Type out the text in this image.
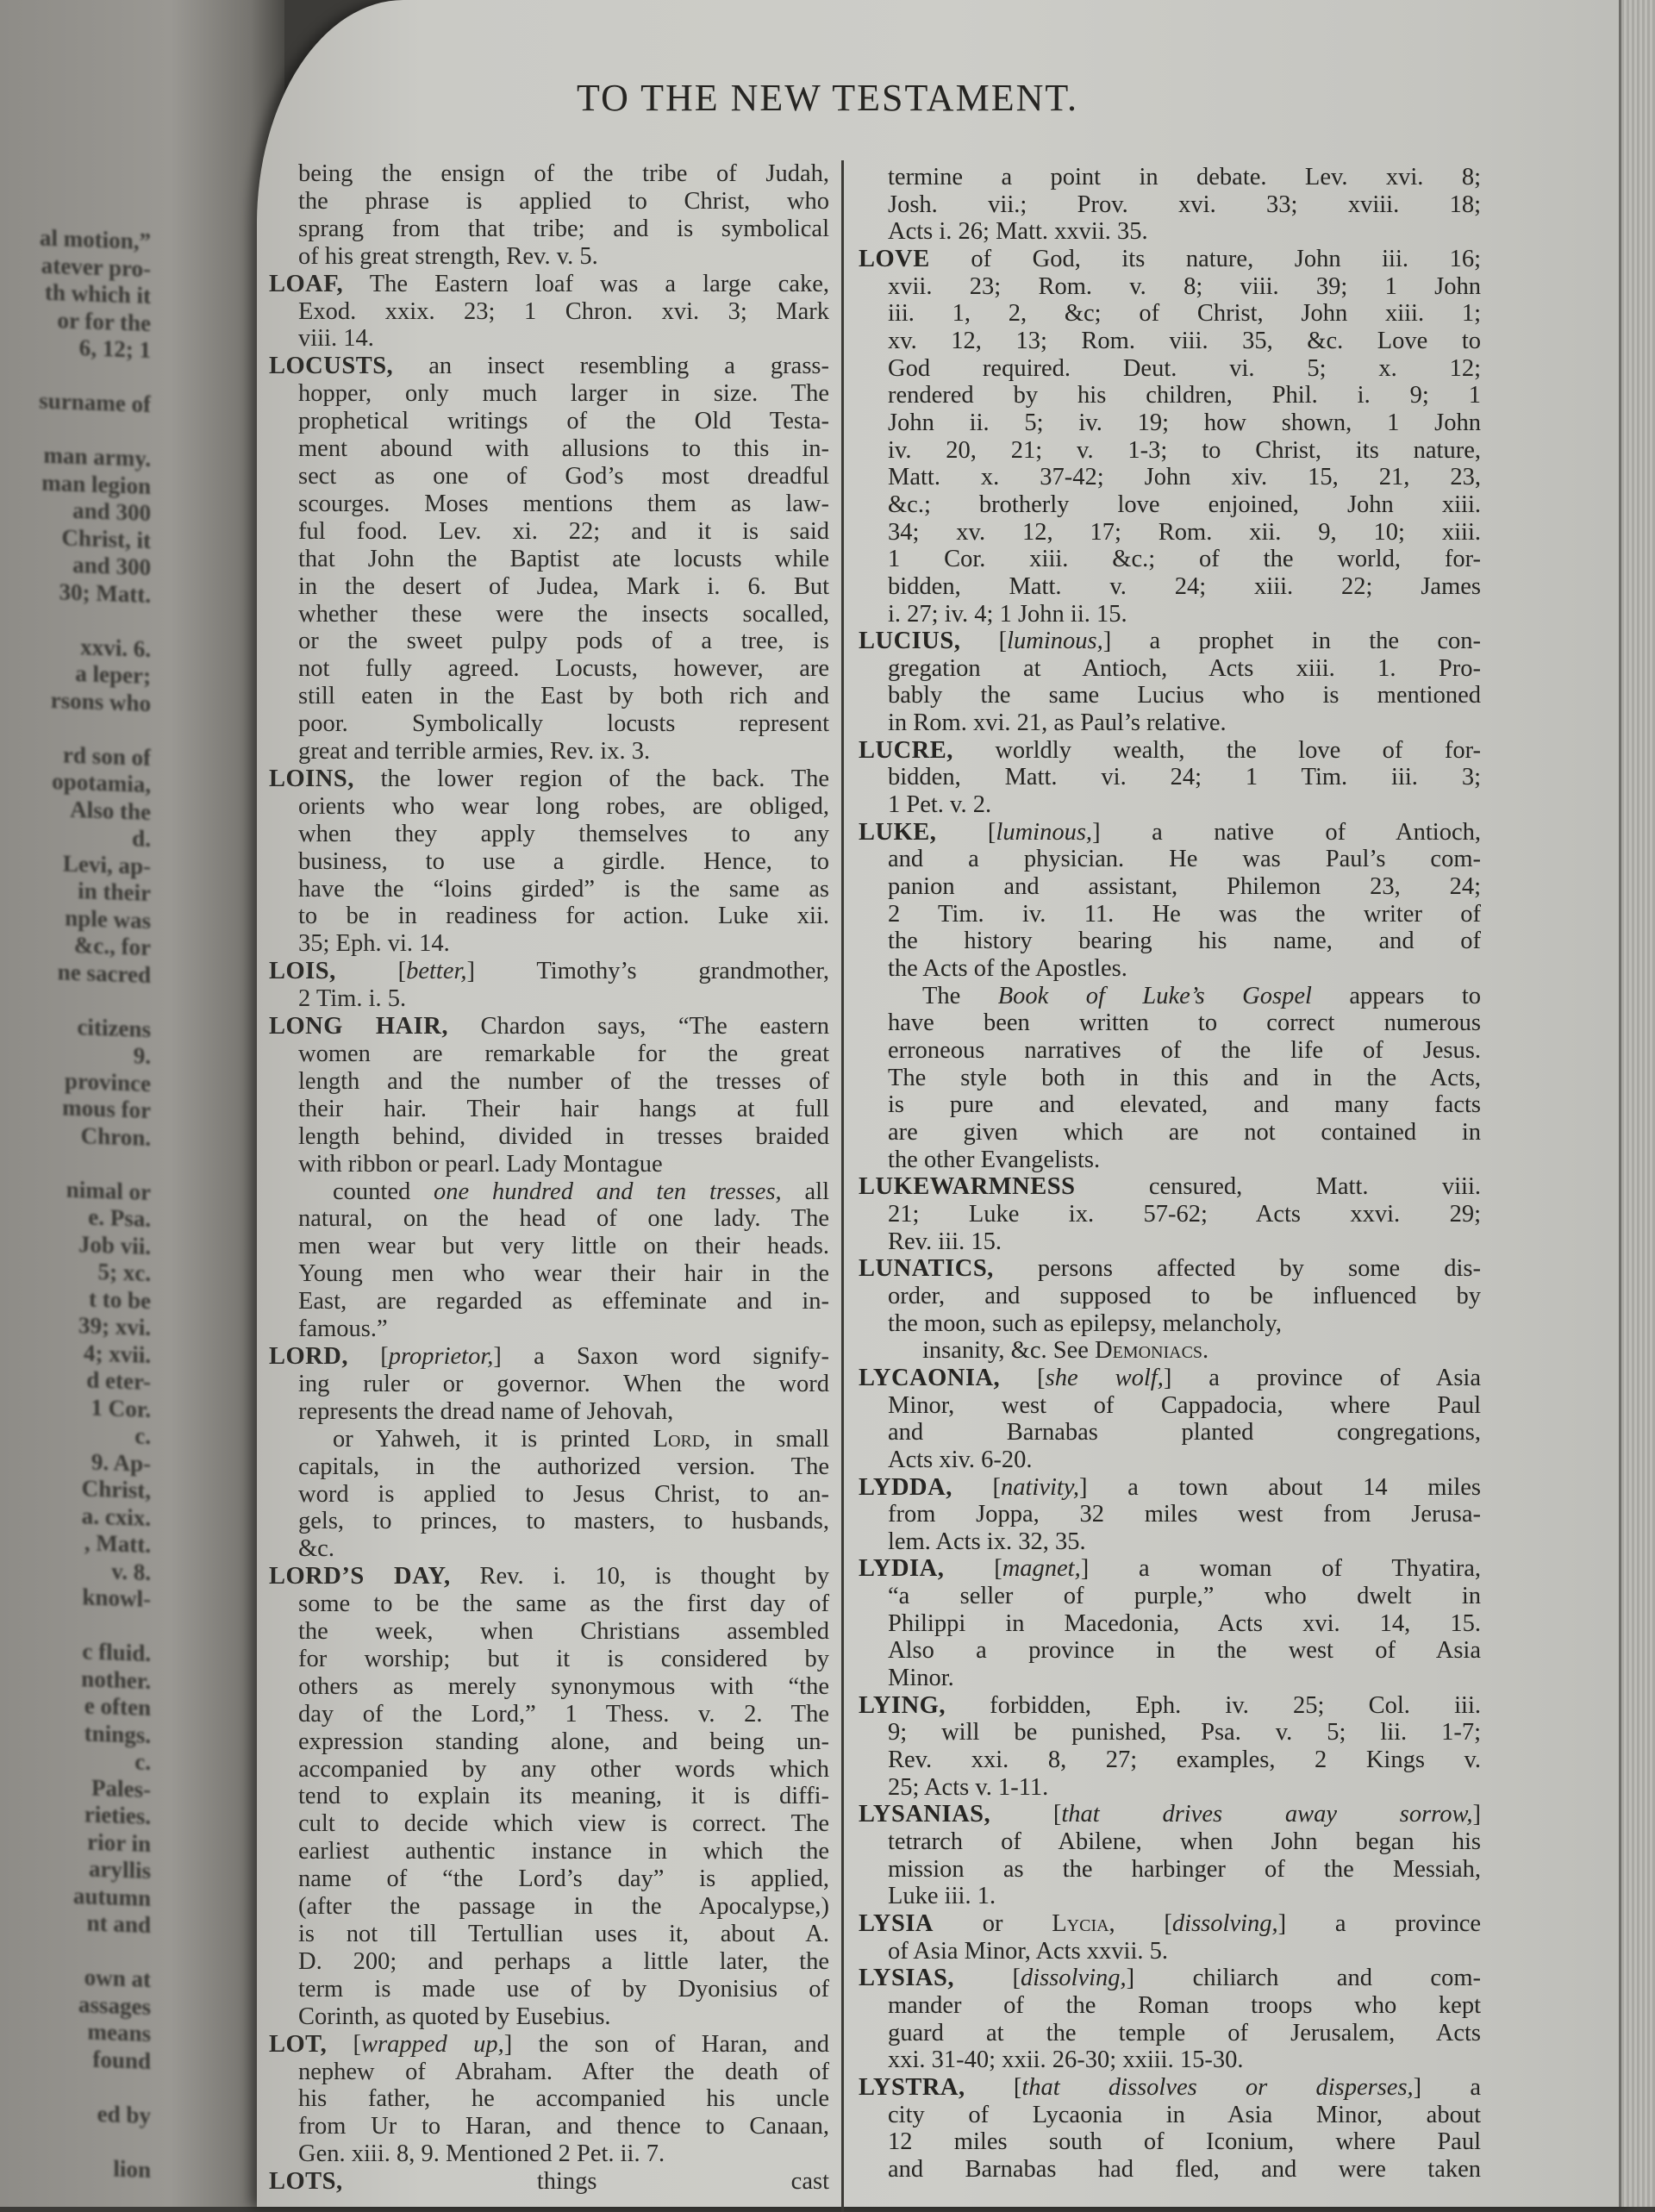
al motion,”
atever pro-
th which it
or for the
6, 12; 1
surname of
man army.
man legion
and 300
Christ, it
and 300
30; Matt.
xxvi. 6.
a leper;
rsons who
rd son of
opotamia,
Also the
d.
Levi, ap-
in their
nple was
&c., for
ne sacred
citizens
9.
province
mous for
Chron.
nimal or
e. Psa.
Job vii.
5; xc.
t to be
39; xvi.
4; xvii.
d eter-
1 Cor.
c.
9. Ap-
Christ,
a. cxix.
, Matt.
v. 8.
knowl-
c fluid.
nother.
e often
tnings.
c.
Pales-
rieties.
rior in
aryllis
autumn
nt and
own at
assages
means
found
ed by
lion
TO THE NEW TESTAMENT.
being the ensign of the tribe of Judah,
the phrase is applied to Christ, who
sprang from that tribe; and is symbolical
of his great strength, Rev. v. 5.
LOAF, The Eastern loaf was a large cake,
Exod. xxix. 23; 1 Chron. xvi. 3; Mark
viii. 14.
LOCUSTS, an insect resembling a grass-
hopper, only much larger in size. The
prophetical writings of the Old Testa-
ment abound with allusions to this in-
sect as one of God’s most dreadful
scourges. Moses mentions them as law-
ful food. Lev. xi. 22; and it is said
that John the Baptist ate locusts while
in the desert of Judea, Mark i. 6. But
whether these were the insects socalled,
or the sweet pulpy pods of a tree, is
not fully agreed. Locusts, however, are
still eaten in the East by both rich and
poor. Symbolically locusts represent
great and terrible armies, Rev. ix. 3.
LOINS, the lower region of the back. The
orients who wear long robes, are obliged,
when they apply themselves to any
business, to use a girdle. Hence, to
have the “loins girded” is the same as
to be in readiness for action. Luke xii.
35; Eph. vi. 14.
LOIS, [better,] Timothy’s grandmother,
2 Tim. i. 5.
LONG HAIR, Chardon says, “The eastern
women are remarkable for the great
length and the number of the tresses of
their hair. Their hair hangs at full
length behind, divided in tresses braided
with ribbon or pearl. Lady Montague
counted one hundred and ten tresses, all
natural, on the head of one lady. The
men wear but very little on their heads.
Young men who wear their hair in the
East, are regarded as effeminate and in-
famous.”
LORD, [proprietor,] a Saxon word signify-
ing ruler or governor. When the word
represents the dread name of Jehovah,
or Yahweh, it is printed Lord, in small
capitals, in the authorized version. The
word is applied to Jesus Christ, to an-
gels, to princes, to masters, to husbands,
&c.
LORD’S DAY, Rev. i. 10, is thought by
some to be the same as the first day of
the week, when Christians assembled
for worship; but it is considered by
others as merely synonymous with “the
day of the Lord,” 1 Thess. v. 2. The
expression standing alone, and being un-
accompanied by any other words which
tend to explain its meaning, it is diffi-
cult to decide which view is correct. The
earliest authentic instance in which the
name of “the Lord’s day” is applied,
(after the passage in the Apocalypse,)
is not till Tertullian uses it, about A.
D. 200; and perhaps a little later, the
term is made use of by Dyonisius of
Corinth, as quoted by Eusebius.
LOT, [wrapped up,] the son of Haran, and
nephew of Abraham. After the death of
his father, he accompanied his uncle
from Ur to Haran, and thence to Canaan,
Gen. xiii. 8, 9. Mentioned 2 Pet. ii. 7.
LOTS, things cast
termine a point in debate. Lev. xvi. 8;
Josh. vii.; Prov. xvi. 33; xviii. 18;
Acts i. 26; Matt. xxvii. 35.
LOVE of God, its nature, John iii. 16;
xvii. 23; Rom. v. 8; viii. 39; 1 John
iii. 1, 2, &c; of Christ, John xiii. 1;
xv. 12, 13; Rom. viii. 35, &c. Love to
God required. Deut. vi. 5; x. 12;
rendered by his children, Phil. i. 9; 1
John ii. 5; iv. 19; how shown, 1 John
iv. 20, 21; v. 1-3; to Christ, its nature,
Matt. x. 37-42; John xiv. 15, 21, 23,
&c.; brotherly love enjoined, John xiii.
34; xv. 12, 17; Rom. xii. 9, 10; xiii.
1 Cor. xiii. &c.; of the world, for-
bidden, Matt. v. 24; xiii. 22; James
i. 27; iv. 4; 1 John ii. 15.
LUCIUS, [luminous,] a prophet in the con-
gregation at Antioch, Acts xiii. 1. Pro-
bably the same Lucius who is mentioned
in Rom. xvi. 21, as Paul’s relative.
LUCRE, worldly wealth, the love of for-
bidden, Matt. vi. 24; 1 Tim. iii. 3;
1 Pet. v. 2.
LUKE, [luminous,] a native of Antioch,
and a physician. He was Paul’s com-
panion and assistant, Philemon 23, 24;
2 Tim. iv. 11. He was the writer of
the history bearing his name, and of
the Acts of the Apostles.
The Book of Luke’s Gospel appears to
have been written to correct numerous
erroneous narratives of the life of Jesus.
The style both in this and in the Acts,
is pure and elevated, and many facts
are given which are not contained in
the other Evangelists.
LUKEWARMNESS censured, Matt. viii.
21; Luke ix. 57-62; Acts xxvi. 29;
Rev. iii. 15.
LUNATICS, persons affected by some dis-
order, and supposed to be influenced by
the moon, such as epilepsy, melancholy,
insanity, &c. See Demoniacs.
LYCAONIA, [she wolf,] a province of Asia
Minor, west of Cappadocia, where Paul
and Barnabas planted congregations,
Acts xiv. 6-20.
LYDDA, [nativity,] a town about 14 miles
from Joppa, 32 miles west from Jerusa-
lem. Acts ix. 32, 35.
LYDIA, [magnet,] a woman of Thyatira,
“a seller of purple,” who dwelt in
Philippi in Macedonia, Acts xvi. 14, 15.
Also a province in the west of Asia
Minor.
LYING, forbidden, Eph. iv. 25; Col. iii.
9; will be punished, Psa. v. 5; lii. 1-7;
Rev. xxi. 8, 27; examples, 2 Kings v.
25; Acts v. 1-11.
LYSANIAS, [that drives away sorrow,]
tetrarch of Abilene, when John began his
mission as the harbinger of the Messiah,
Luke iii. 1.
LYSIA or Lycia, [dissolving,] a province
of Asia Minor, Acts xxvii. 5.
LYSIAS, [dissolving,] chiliarch and com-
mander of the Roman troops who kept
guard at the temple of Jerusalem, Acts
xxi. 31-40; xxii. 26-30; xxiii. 15-30.
LYSTRA, [that dissolves or disperses,] a
city of Lycaonia in Asia Minor, about
12 miles south of Iconium, where Paul
and Barnabas had fled, and were taken
